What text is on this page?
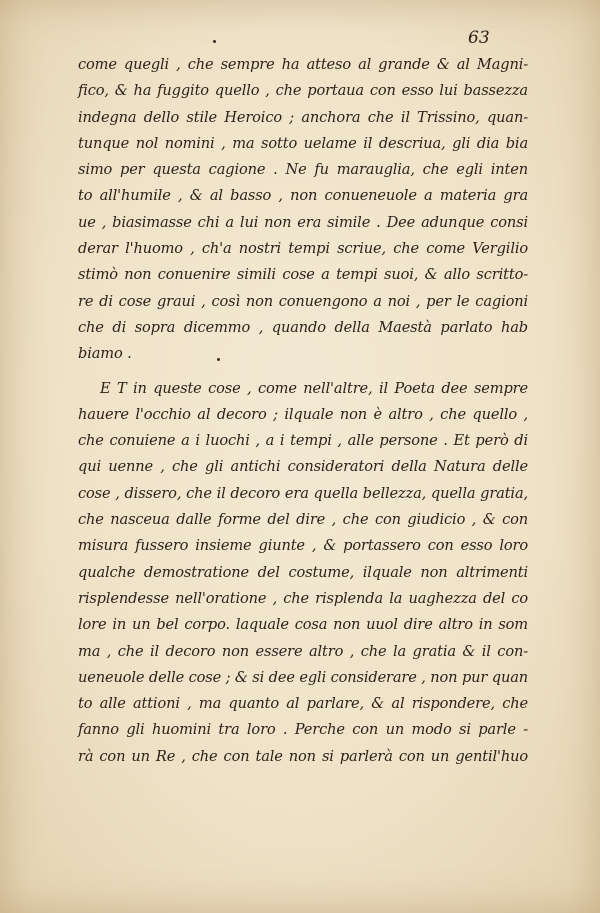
63
come quegli , che sempre ha atteso al grande & al Magni-
fico, & ha fuggito quello , che portaua con esso lui bassezza
indegna dello stile Heroico ; anchora che il Trissino, quan-
tunque nol nomini , ma sotto uelame il descriua, gli dia bia
simo per questa cagione . Ne fu marauglia, che egli inten
to all'humile , & al basso , non conueneuole a materia gra
ue , biasimasse chi a lui non era simile . Dee adunque consi
derar l'huomo , ch'a nostri tempi scriue, che come Vergilio
stimò non conuenire simili cose a tempi suoi, & allo scritto-
re di cose graui , così non conuengono a noi , per le cagioni
che di sopra dicemmo , quando della Maestà parlato hab
biamo .
E T in queste cose , come nell'altre, il Poeta dee sempre
hauere l'occhio al decoro ; ilquale non è altro , che quello ,
che conuiene a i luochi , a i tempi , alle persone . Et però di
qui uenne , che gli antichi consideratori della Natura delle
cose , dissero, che il decoro era quella bellezza, quella gratia,
che nasceua dalle forme del dire , che con giudicio , & con
misura fussero insieme giunte , & portassero con esso loro
qualche demostratione del costume, ilquale non altrimenti
risplendesse nell'oratione , che risplenda la uaghezza del co
lore in un bel corpo. laquale cosa non uuol dire altro in som
ma , che il decoro non essere altro , che la gratia & il con-
ueneuole delle cose ; & si dee egli considerare , non pur quan
to alle attioni , ma quanto al parlare, & al rispondere, che
fanno gli huomini tra loro . Perche con un modo si parle -
rà con un Re , che con tale non si parlerà con un gentil'huo
